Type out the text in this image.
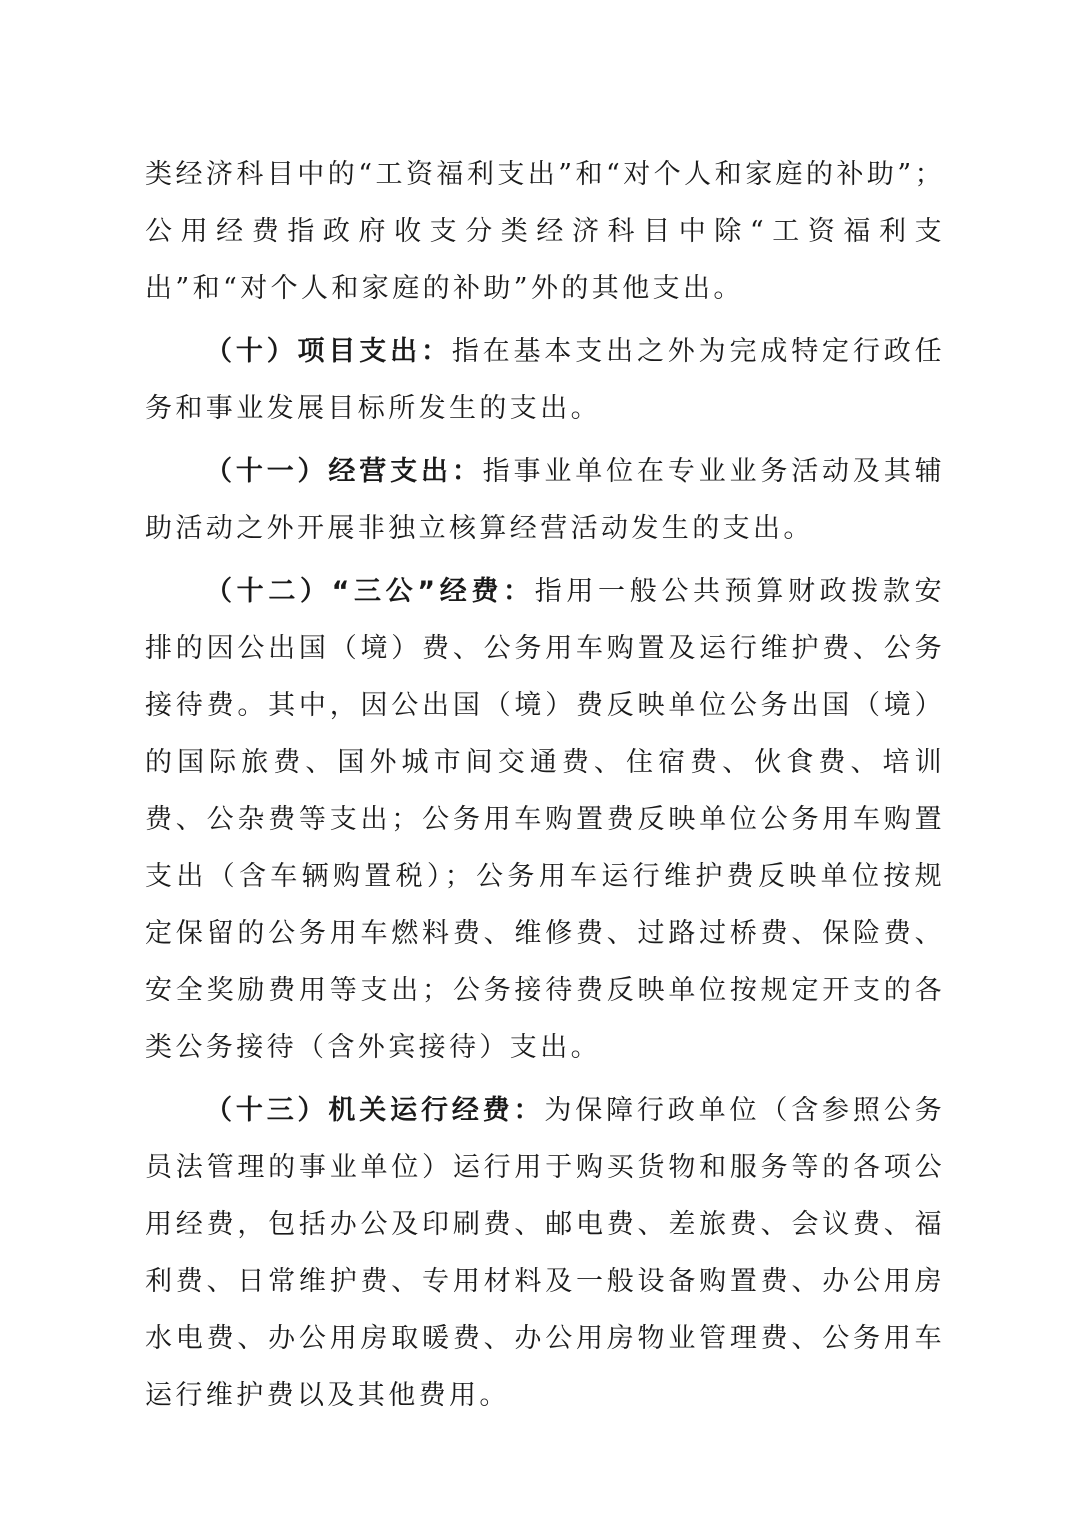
类经济科目中的“工资福利支出”和“对个人和家庭的补助”；公用经费指政府收支分类经济科目中除“工资福利支出”和“对个人和家庭的补助”外的其他支出。

（十）项目支出：指在基本支出之外为完成特定行政任务和事业发展目标所发生的支出。

（十一）经营支出：指事业单位在专业业务活动及其辅助活动之外开展非独立核算经营活动发生的支出。

（十二）“三公”经费：指用一般公共预算财政拨款安排的因公出国（境）费、公务用车购置及运行维护费、公务接待费。其中，因公出国（境）费反映单位公务出国（境）的国际旅费、国外城市间交通费、住宿费、伙食费、培训费、公杂费等支出；公务用车购置费反映单位公务用车购置支出（含车辆购置税）；公务用车运行维护费反映单位按规定保留的公务用车燃料费、维修费、过路过桥费、保险费、安全奖励费用等支出；公务接待费反映单位按规定开支的各类公务接待（含外宾接待）支出。

（十三）机关运行经费：为保障行政单位（含参照公务员法管理的事业单位）运行用于购买货物和服务等的各项公用经费，包括办公及印刷费、邮电费、差旅费、会议费、福利费、日常维护费、专用材料及一般设备购置费、办公用房水电费、办公用房取暖费、办公用房物业管理费、公务用车运行维护费以及其他费用。
